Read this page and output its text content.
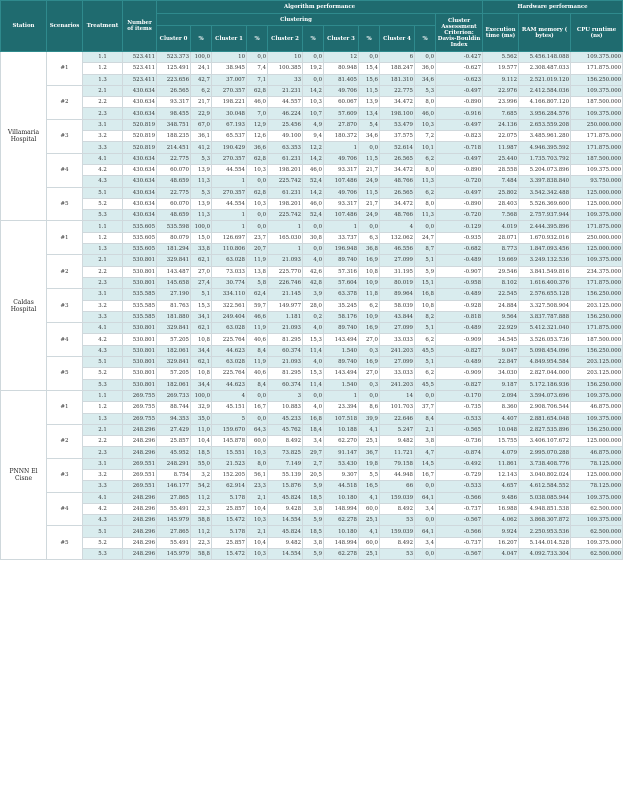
Station	Scenarios	Treatment	Number of items	Algorithm performance											Hardware performance		
				Clustering										Cluster Assessment Criterion: Davis-Bouldin Index	Execution time (ms)	RAM memory ( bytes)	CPU runtime (ns)
				Cluster 0	%	Cluster 1	%	Cluster 2	%	Cluster 3	%	Cluster 4	%				
Villamaria Hospital	#1	1.1	523.411	523.373	100,0	10	0,0	10	0,0	12	0,0	6	0,0	-0.427	5.562	5.456.148.088	109.375.000
		1.2	523.411	125.491	24,1	38.945	7,4	100.385	19,2	80.948	15,4	188.247	36,0	-0.627	19.577	2.308.487.033	171.875.000
		1.3	523.411	223.656	42,7	37.007	7,1	33	0,0	81.405	15,6	181.310	34,6	-0.623	9.112	2.521.019.120	156.250.000
	#2	2.1	430.634	26.565	6,2	270.357	62,8	21.231	14,2	49.706	11,5	22.775	5,3	-0.497	22.976	2.412.584.036	109.375.000
		2.2	430.634	93.317	21,7	198.221	46,0	44.557	10,3	60.067	13,9	34.472	8,0	-0.890	23.996	4.166.807.120	187.500.000
		2.3	430.634	98.455	22,9	30.048	7,0	46.224	10,7	57.609	13,4	198.100	46,0	-0.916	7.685	3.956.284.576	109.375.000
	#3	3.1	520.819	348.751	67,0	67.193	12,9	25.456	4,9	27.870	5,4	53.479	10,3	-0.497	24.136	2.653.559.208	250.000.000
		3.2	520.819	188.235	36,1	65.537	12,6	49.100	9,4	180.372	34,6	37.575	7,2	-0.823	22.075	3.485.961.280	171.875.000
		3.3	520.819	214.451	41,2	190.429	36,6	63.353	12,2	1	0,0	52.614	10,1	-0.718	11.987	4.946.395.592	171.875.000
	#4	4.1	430.634	22.775	5,3	270.357	62,8	61.231	14,2	49.706	11,5	26.565	6,2	-0.497	25.440	1.735.703.792	187.500.000
		4.2	430.634	60.070	13,9	44.554	10,3	198.201	46,0	93.317	21,7	34.472	8,0	-0.890	28.558	5.204.073.896	109.375.000
		4.3	430.634	48.659	11,3	1	0,0	225.742	52,4	107.486	24,9	48.766	11,3	-0.720	7.484	3.397.838.840	93.750.000
	#5	5.1	430.634	22.775	5,3	270.357	62,8	61.231	14,2	49.706	11,5	26.565	6,2	-0.497	25.802	3.542.342.488	125.000.000
		5.2	430.634	60.070	13,9	44.554	10,3	198.201	46,0	93.317	21,7	34.472	8,0	-0.890	28.403	5.526.369.600	125.000.000
		5.3	430.634	48.659	11,3	1	0,0	225.742	52,4	107.486	24,9	48.766	11,3	-0.720	7.568	2.757.937.944	109.375.000
Caldas Hospital	#1	1.1	535.605	535.598	100,0	1	0,0	1	0,0	1	0,0	4	0,0	-0.129	4.019	2.444.395.896	171.875.000
		1.2	535.605	80.079	15,0	126.697	23,7	165.030	30,8	33.737	6,3	132.062	24,7	-0.935	28.071	1.670.932.016	250.000.000
		1.3	535.605	181.294	33,8	110.806	20,7	1	0,0	196.948	36,8	46.556	8,7	-0.682	8.773	1.847.093.456	125.000.000
	#2	2.1	530.801	329.841	62,1	63.028	11,9	21.093	4,0	89.740	16,9	27.099	5,1	-0.489	19.669	3.249.132.536	109.375.000
		2.2	530.801	143.487	27,0	73.033	13,8	225.770	42,6	57.316	10,8	31.195	5,9	-0.907	29.546	3.841.549.816	234.375.000
		2.3	530.801	145.658	27,4	30.774	5,8	226.746	42,8	57.604	10,9	80.019	15,1	-0.958	8.102	1.616.400.376	171.875.000
	#3	3.1	535.585	27.190	5,1	334.110	62,4	21.145	3,9	63.378	11,8	89.964	16,8	-0.489	22.545	2.576.655.128	156.250.000
		3.2	535.585	81.763	15,3	322.561	59,7	149.977	28,0	35.245	6,2	58.039	10,8	-0.928	24.884	3.327.508.904	203.125.000
		3.3	535.585	181.880	34,1	249.404	46,6	1.181	0,2	58.176	10,9	43.844	8,2	-0.818	9.564	3.837.787.888	156.250.000
	#4	4.1	530.801	329.841	62,1	63.028	11,9	21.093	4,0	89.740	16,9	27.099	5,1	-0.489	22.929	5.412.321.040	171.875.000
		4.2	530.801	57.205	10,8	225.764	40,6	81.295	15,3	143.494	27,0	33.033	6,2	-0.909	34.545	3.526.053.736	187.500.000
		4.3	530.801	182.061	34,4	44.623	8,4	60.374	11,4	1.540	0,3	241.203	45,5	-0.827	9.047	5.098.454.096	156.250.000
	#5	5.1	530.801	329.841	62,1	63.028	11,9	21.093	4,0	89.740	16,9	27.099	5,1	-0.489	22.847	4.849.954.584	203.125.000
		5.2	530.801	57.205	10,8	225.764	40,6	81.295	15,3	143.494	27,0	33.033	6,2	-0.909	34.030	2.827.044.000	203.125.000
		5.3	530.801	182.061	34,4	44.623	8,4	60.374	11,4	1.540	0,3	241.203	45,5	-0.827	9.187	5.172.186.936	156.250.000
PNNN El Cisne	#1	1.1	269.755	269.733	100,0	4	0,0	3	0,0	1	0,0	14	0,0	-0.170	2.094	3.594.073.696	109.375.000
		1.2	269.755	88.744	32,9	45.151	16,7	10.883	4,0	23.394	8,6	101.703	37,7	-0.735	8.360	2.908.706.544	46.875.000
		1.3	269.755	94.353	35,0	5	0,0	45.233	16,8	107.518	39,9	22.646	8,4	-0.533	4.407	2.881.654.048	109.375.000
	#2	2.1	248.296	27.429	11,0	159.670	64,3	45.762	18,4	10.188	4,1	5.247	2,1	-0.565	10.048	2.827.535.896	156.250.000
		2.2	248.296	25.857	10,4	145.878	60,0	8.492	3,4	62.270	25,1	9.482	3,8	-0.736	15.755	3.406.107.672	125.000.000
		2.3	248.296	45.952	18,5	15.551	10,3	73.825	29,7	91.147	36,7	11.721	4,7	-0.874	4.079	2.995.070.288	46.875.000
	#3	3.1	269.551	248.291	55,0	21.523	8,0	7.149	2,7	53.430	19,8	79.158	14,5	-0.492	11.861	3.738.408.776	78.125.000
		3.2	269.551	8.754	3,2	152.205	56,1	55.139	20,5	9.307	5,5	44.948	16,7	-0.729	12.143	3.040.802.024	125.000.000
		3.3	269.551	146.177	54,2	62.914	23,3	15.876	5,9	44.518	16,5	66	0,0	-0.533	4.657	4.612.584.552	78.125.000
	#4	4.1	248.296	27.865	11,2	5.178	2,1	45.824	18,5	10.180	4,1	159.039	64,1	-0.566	9.486	5.038.085.944	109.375.000
		4.2	248.296	55.491	22,3	25.857	10,4	9.428	3,8	148.994	60,0	8.492	3,4	-0.737	16.988	4.948.851.538	62.500.000
		4.3	248.296	145.979	58,8	15.472	10,3	14.554	5,9	62.278	25,1	53	0,0	-0.567	4.062	3.868.307.872	109.375.000
	#5	5.1	248.296	27.865	11,2	5.178	2,1	45.824	18,5	10.180	4,1	159.039	64,1	-0.566	9.924	2.250.953.536	62.500.000
		5.2	248.296	55.491	22,3	25.857	10,4	9.482	3,8	148.994	60,0	8.492	3,4	-0.737	16.207	5.144.014.528	109.375.000
		5.3	248.296	145.979	58,8	15.472	10,3	14.554	5,9	62.278	25,1	53	0,0	-0.567	4.047	4.092.733.304	62.500.000
